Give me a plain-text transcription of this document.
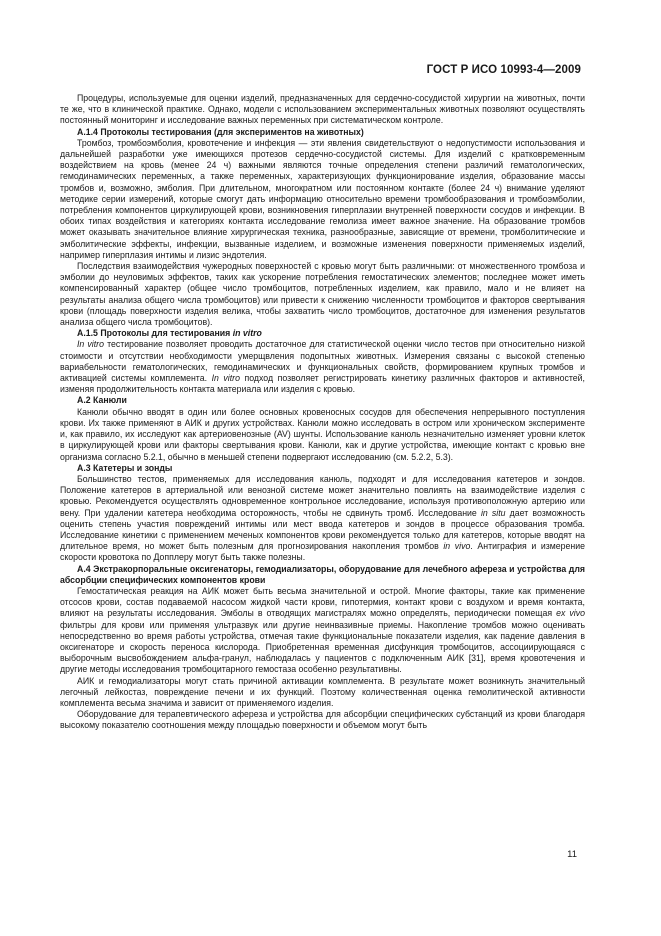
ГОСТ Р ИСО 10993-4—2009

Процедуры, используемые для оценки изделий, предназначенных для сердечно-сосудистой хирургии на животных, почти те же, что в клинической практике. Однако, модели с использованием экспериментальных животных позволяют осуществлять постоянный мониторинг и исследование важных переменных при систематическом контроле.

A.1.4 Протоколы тестирования (для экспериментов на животных)

Тромбоз, тромбоэмболия, кровотечение и инфекция — эти явления свидетельствуют о недопустимости использования и дальнейшей разработки уже имеющихся протезов сердечно-сосудистой системы. Для изделий с кратковременным воздействием на кровь (менее 24 ч) важными являются точные определения степени различий гематологических, гемодинамических переменных, а также переменных, характеризующих функционирование изделия, образование массы тромбов и, возможно, эмболия. При длительном, многократном или постоянном контакте (более 24 ч) внимание уделяют методике серии измерений, которые смогут дать информацию относительно времени тромбообразования и тромбоэмболии, потребления компонентов циркулирующей крови, возникновения гиперплазии внутренней поверхности сосудов и инфекции. В обоих типах воздействия и категориях контакта исследование гемолиза имеет важное значение. На образование тромбов может оказывать значительное влияние хирургическая техника, разнообразные, зависящие от времени, тромболитические и эмболитические эффекты, инфекции, вызванные изделием, и возможные изменения поверхности применяемых изделий, например гиперплазия интимы и лизис эндотелия.

Последствия взаимодействия чужеродных поверхностей с кровью могут быть различными: от множественного тромбоза и эмболии до неуловимых эффектов, таких как ускорение потребления гемостатических элементов; последнее может иметь компенсированный характер (общее число тромбоцитов, потребленных изделием, как правило, мало и не влияет на результаты анализа общего числа тромбоцитов) или привести к снижению численности тромбоцитов и факторов свертывания крови (площадь поверхности изделия велика, чтобы захватить число тромбоцитов, достаточное для изменения результатов анализа общего числа тромбоцитов).

A.1.5 Протоколы для тестирования in vitro

In vitro тестирование позволяет проводить достаточное для статистической оценки число тестов при относительно низкой стоимости и отсутствии необходимости умерщвления подопытных животных. Измерения связаны с высокой степенью вариабельности гематологических, гемодинамических и функциональных свойств, формированием крупных тромбов и активацией системы комплемента. In vitro подход позволяет регистрировать кинетику различных факторов и активностей, изменяя продолжительность контакта материала или изделия с кровью.

A.2 Канюли

Канюли обычно вводят в один или более основных кровеносных сосудов для обеспечения непрерывного поступления крови. Их также применяют в АИК и других устройствах. Канюли можно исследовать в остром или хроническом эксперименте и, как правило, их исследуют как артериовенозные (AV) шунты. Использование канюль незначительно изменяет уровни клеток в циркулирующей крови или факторы свертывания крови. Канюли, как и другие устройства, имеющие контакт с кровью вне организма согласно 5.2.1, обычно в меньшей степени подвергают исследованию (см. 5.2.2, 5.3).

A.3 Катетеры и зонды

Большинство тестов, применяемых для исследования канюль, подходят и для исследования катетеров и зондов. Положение катетеров в артериальной или венозной системе может значительно повлиять на взаимодействие изделия с кровью. Рекомендуется осуществлять одновременное контрольное исследование, используя противоположную артерию или вену. При удалении катетера необходима осторожность, чтобы не сдвинуть тромб. Исследование in situ дает возможность оценить степень участия повреждений интимы или мест ввода катетеров и зондов в процессе образования тромба. Исследование кинетики с применением меченых компонентов крови рекомендуется только для катетеров, которые вводят на длительное время, но может быть полезным для прогнозирования накопления тромбов in vivo. Антиграфия и измерение скорости кровотока по Допплеру могут быть также полезны.

A.4 Экстракорпоральные оксигенаторы, гемодиализаторы, оборудование для лечебного афереза и устройства для абсорбции специфических компонентов крови

Гемостатическая реакция на АИК может быть весьма значительной и острой. Многие факторы, такие как применение отсосов крови, состав подаваемой насосом жидкой части крови, гипотермия, контакт крови с воздухом и время контакта, влияют на результаты исследования. Эмболы в отводящих магистралях можно определять, периодически помещая ex vivo фильтры для крови или применяя ультразвук или другие неинвазивные приемы. Накопление тромбов можно оценивать непосредственно во время работы устройства, отмечая такие функциональные показатели изделия, как падение давления в оксигенаторе и скорость переноса кислорода. Приобретенная временная дисфункция тромбоцитов, ассоциирующаяся с выборочным высвобождением альфа-гранул, наблюдалась у пациентов с подключенным АИК [31], время кровотечения и другие методы исследования тромбоцитарного гемостаза особенно результативны.

АИК и гемодиализаторы могут стать причиной активации комплемента. В результате может возникнуть значительный легочный лейкостаз, повреждение печени и их функций. Поэтому количественная оценка гемолитической активности комплемента весьма значима и зависит от применяемого изделия.

Оборудование для терапевтического афереза и устройства для абсорбции специфических субстанций из крови благодаря высокому показателю соотношения между площадью поверхности и объемом могут быть

11
